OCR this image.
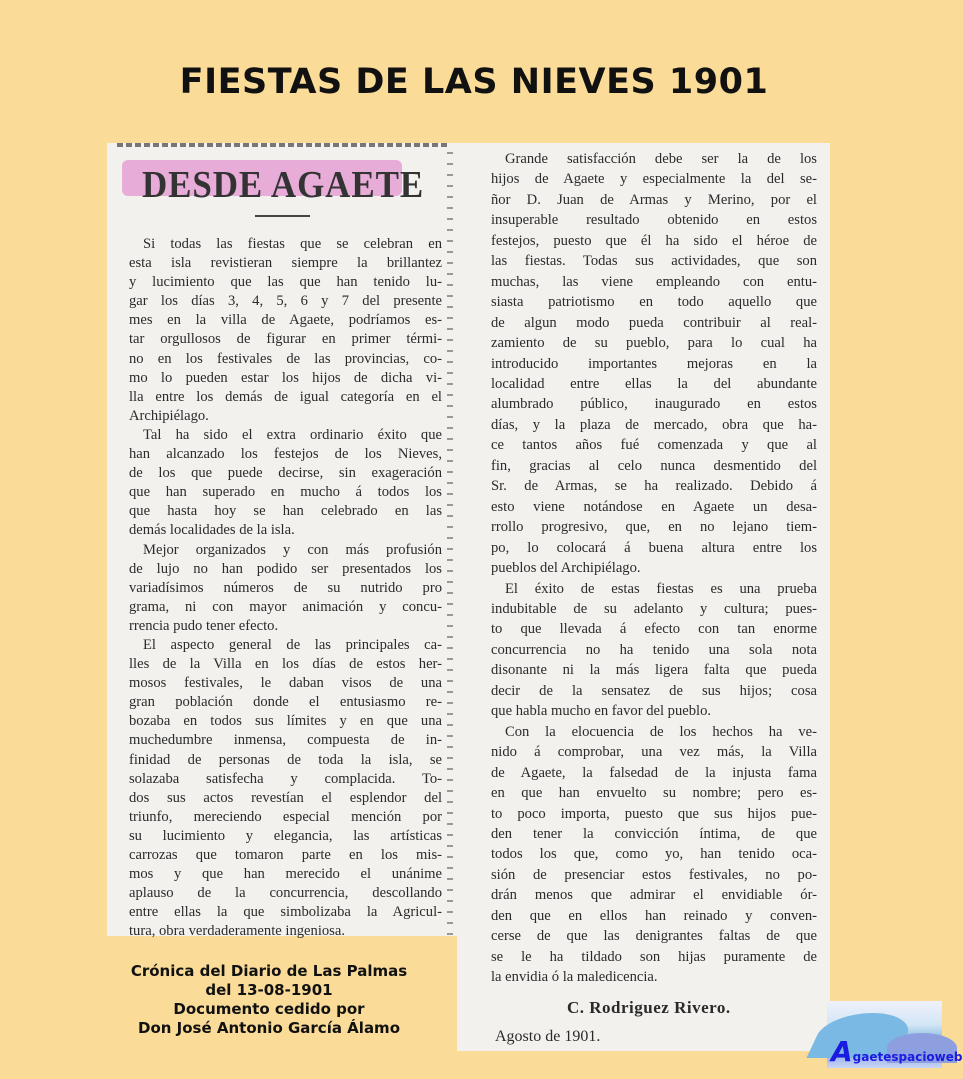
FIESTAS DE LAS NIEVES 1901
DESDE AGAETE
Si todas las fiestas que se celebran en
esta isla revistieran siempre la brillantez
y lucimiento que las que han tenido lu-
gar los días 3, 4, 5, 6 y 7 del presente
mes en la villa de Agaete, podríamos es-
tar orgullosos de figurar en primer térmi-
no en los festivales de las provincias, co-
mo lo pueden estar los hijos de dicha vi-
lla entre los demás de igual categoría en el
Archipiélago.
Tal ha sido el extra ordinario éxito que
han alcanzado los festejos de los Nieves,
de los que puede decirse, sin exageración
que han superado en mucho á todos los
que hasta hoy se han celebrado en las
demás localidades de la isla.
Mejor organizados y con más profusión
de lujo no han podido ser presentados los
variadísimos números de su nutrido pro
grama, ni con mayor animación y concu-
rrencia pudo tener efecto.
El aspecto general de las principales ca-
lles de la Villa en los días de estos her-
mosos festivales, le daban visos de una
gran población donde el entusiasmo re-
bozaba en todos sus límites y en que una
muchedumbre inmensa, compuesta de in-
finidad de personas de toda la isla, se
solazaba satisfecha y complacida. To-
dos sus actos revestían el esplendor del
triunfo, mereciendo especial mención por
su lucimiento y elegancia, las artísticas
carrozas que tomaron parte en los mis-
mos y que han merecido el unánime
aplauso de la concurrencia, descollando
entre ellas la que simbolizaba la Agricul-
tura, obra verdaderamente ingeniosa.
Grande satisfacción debe ser la de los
hijos de Agaete y especialmente la del se-
ñor D. Juan de Armas y Merino, por el
insuperable resultado obtenido en estos
festejos, puesto que él ha sido el héroe de
las fiestas. Todas sus actividades, que son
muchas, las viene empleando con entu-
siasta patriotismo en todo aquello que
de algun modo pueda contribuir al real-
zamiento de su pueblo, para lo cual ha
introducido importantes mejoras en la
localidad entre ellas la del abundante
alumbrado público, inaugurado en estos
días, y la plaza de mercado, obra que ha-
ce tantos años fué comenzada y que al
fin, gracias al celo nunca desmentido del
Sr. de Armas, se ha realizado. Debido á
esto viene notándose en Agaete un desa-
rrollo progresivo, que, en no lejano tiem-
po, lo colocará á buena altura entre los
pueblos del Archipiélago.
El éxito de estas fiestas es una prueba
indubitable de su adelanto y cultura; pues-
to que llevada á efecto con tan enorme
concurrencia no ha tenido una sola nota
disonante ni la más ligera falta que pueda
decir de la sensatez de sus hijos; cosa
que habla mucho en favor del pueblo.
Con la elocuencia de los hechos ha ve-
nido á comprobar, una vez más, la Villa
de Agaete, la falsedad de la injusta fama
en que han envuelto su nombre; pero es-
to poco importa, puesto que sus hijos pue-
den tener la convicción íntima, de que
todos los que, como yo, han tenido oca-
sión de presenciar estos festivales, no po-
drán menos que admirar el envidiable ór-
den que en ellos han reinado y conven-
cerse de que las denigrantes faltas de que
se le ha tildado son hijas puramente de
la envidia ó la maledicencia.
C. Rodriguez Rivero.
Agosto de 1901.
Crónica del Diario de Las Palmas
del 13-08-1901
Documento cedido por
Don José Antonio García Álamo
Agaetespacioweb
